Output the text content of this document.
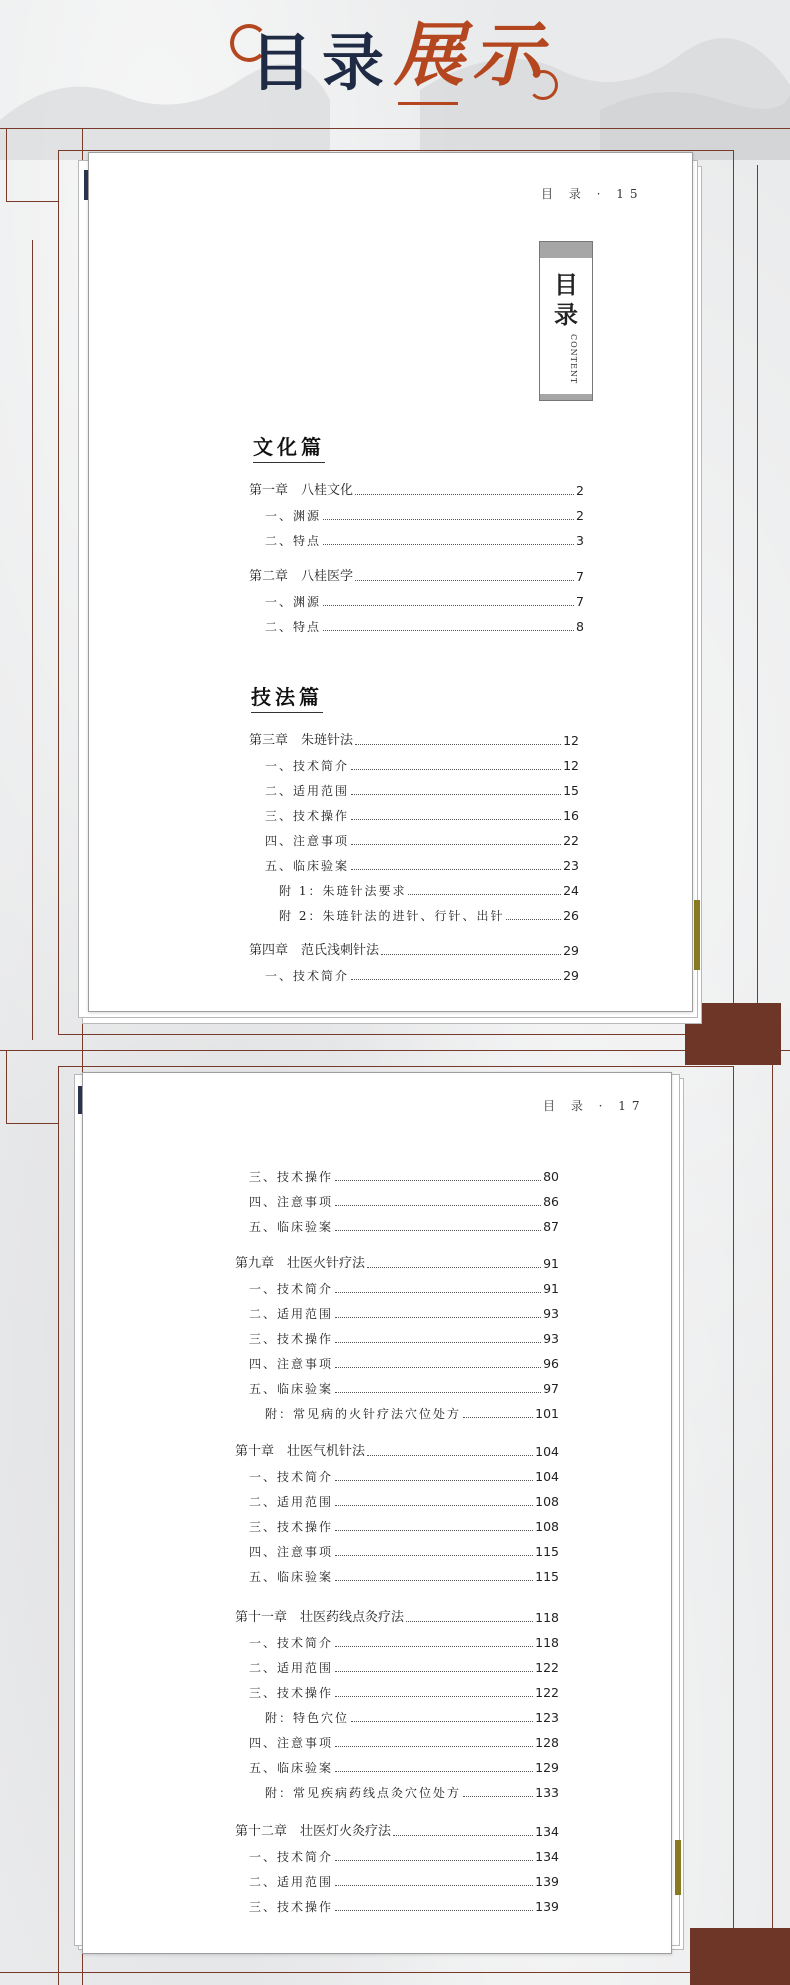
目 录 展 示
目 录 · 15
目录
CONTENT
文化篇
第一章　八桂文化	2
一、渊源	2
二、特点	3
第二章　八桂医学	7
一、渊源	7
二、特点	8
技法篇
第三章　朱琏针法	12
一、技术简介	12
二、适用范围	15
三、技术操作	16
四、注意事项	22
五、临床验案	23
附 1：朱琏针法要求	24
附 2：朱琏针法的进针、行针、出针	26
第四章　范氏浅刺针法	29
一、技术简介	29
目 录 · 17
三、技术操作	80
四、注意事项	86
五、临床验案	87
第九章　壮医火针疗法	91
一、技术简介	91
二、适用范围	93
三、技术操作	93
四、注意事项	96
五、临床验案	97
附：常见病的火针疗法穴位处方	101
第十章　壮医气机针法	104
一、技术简介	104
二、适用范围	108
三、技术操作	108
四、注意事项	115
五、临床验案	115
第十一章　壮医药线点灸疗法	118
一、技术简介	118
二、适用范围	122
三、技术操作	122
附：特色穴位	123
四、注意事项	128
五、临床验案	129
附：常见疾病药线点灸穴位处方	133
第十二章　壮医灯火灸疗法	134
一、技术简介	134
二、适用范围	139
三、技术操作	139
